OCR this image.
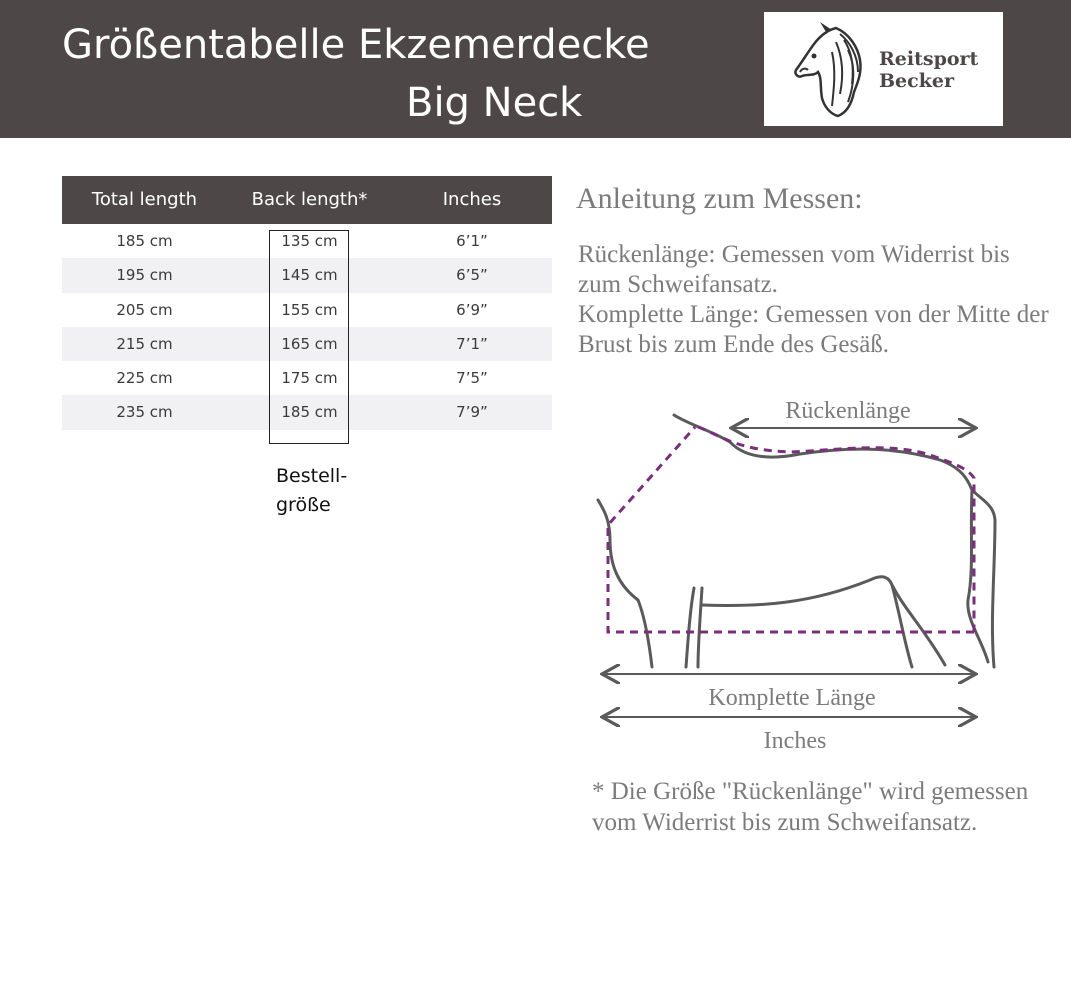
Größentabelle Ekzemerdecke
Big Neck
Reitsport
Becker
Total length	Back length*	Inches
185 cm	135 cm	6’1”
195 cm	145 cm	6’5”
205 cm	155 cm	6’9”
215 cm	165 cm	7’1”
225 cm	175 cm	7’5”
235 cm	185 cm	7’9”
Bestell-
größe
Anleitung zum Messen:

Rückenlänge: Gemessen vom Widerrist bis zum Schweifansatz.

Komplette Länge: Gemessen von der Mitte der Brust bis zum Ende des Gesäß.

Rückenlänge
Komplette Länge
Inches
* Die Größe "Rückenlänge" wird gemessen vom Widerrist bis zum Schweifansatz.
